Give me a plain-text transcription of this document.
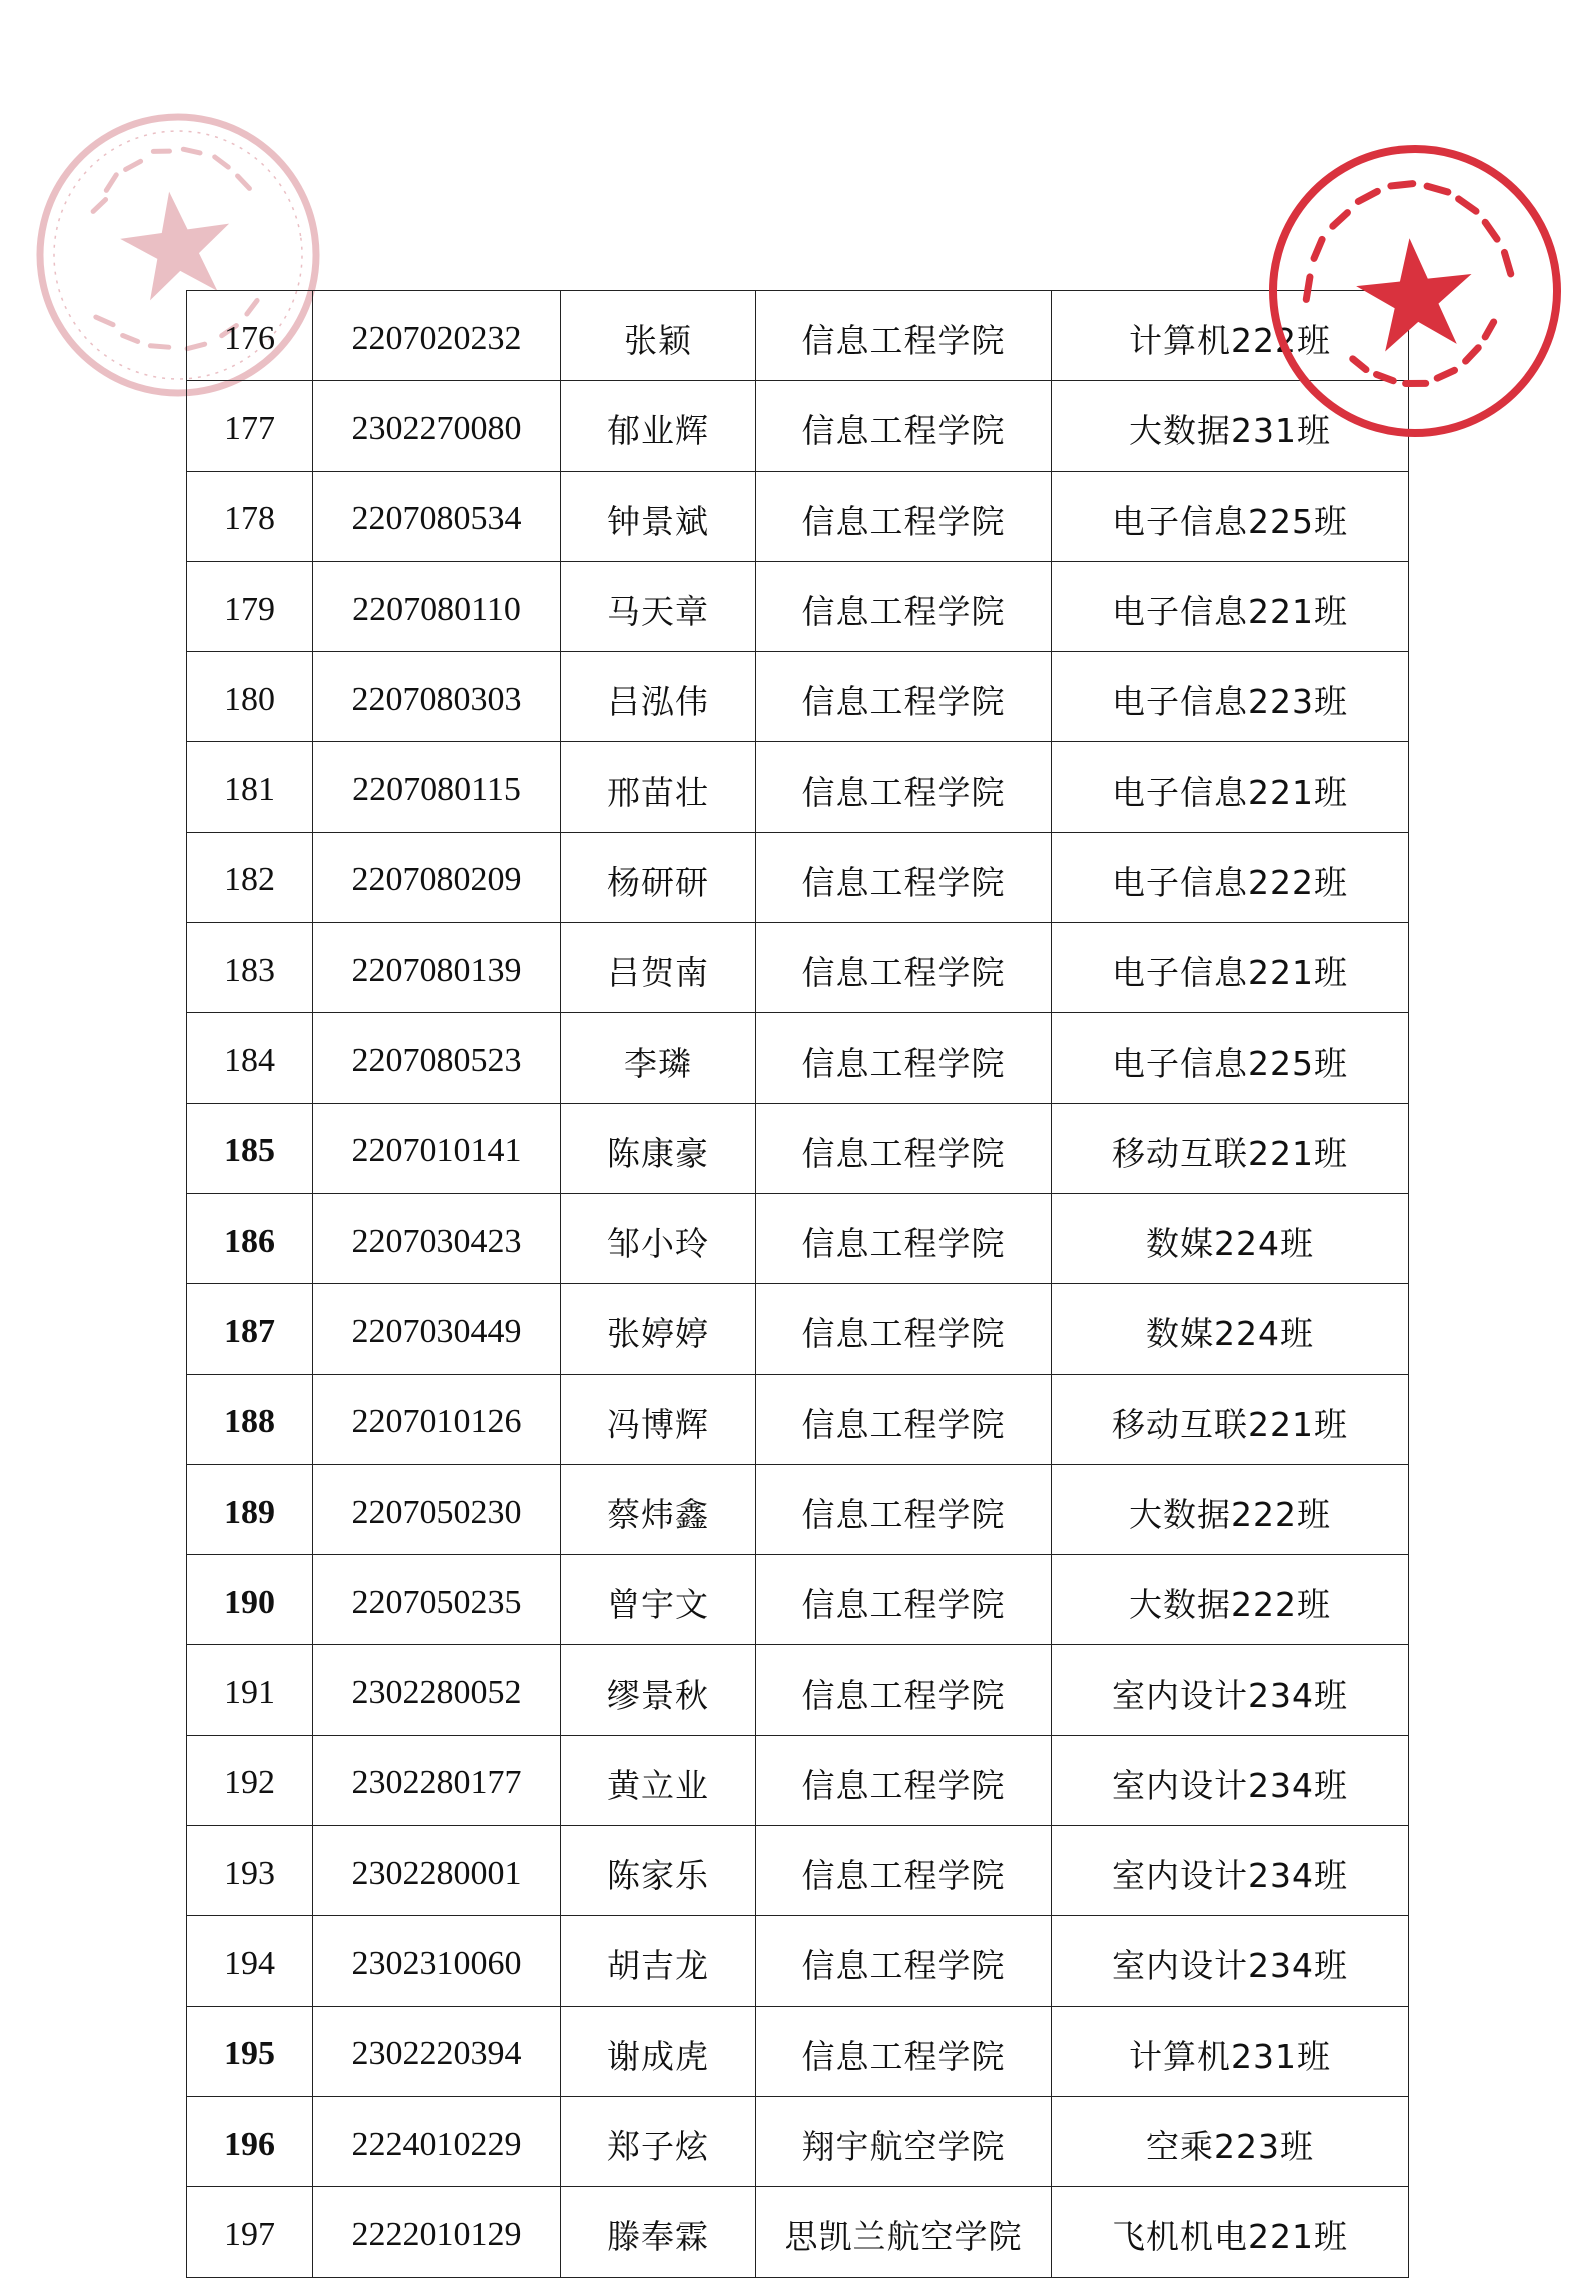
176	2207020232	张颖	信息工程学院	计算机222班
177	2302270080	郁业辉	信息工程学院	大数据231班
178	2207080534	钟景斌	信息工程学院	电子信息225班
179	2207080110	马天章	信息工程学院	电子信息221班
180	2207080303	吕泓伟	信息工程学院	电子信息223班
181	2207080115	邢苗壮	信息工程学院	电子信息221班
182	2207080209	杨研研	信息工程学院	电子信息222班
183	2207080139	吕贺南	信息工程学院	电子信息221班
184	2207080523	李璘	信息工程学院	电子信息225班
185	2207010141	陈康豪	信息工程学院	移动互联221班
186	2207030423	邹小玲	信息工程学院	数媒224班
187	2207030449	张婷婷	信息工程学院	数媒224班
188	2207010126	冯博辉	信息工程学院	移动互联221班
189	2207050230	蔡炜鑫	信息工程学院	大数据222班
190	2207050235	曾宇文	信息工程学院	大数据222班
191	2302280052	缪景秋	信息工程学院	室内设计234班
192	2302280177	黄立业	信息工程学院	室内设计234班
193	2302280001	陈家乐	信息工程学院	室内设计234班
194	2302310060	胡吉龙	信息工程学院	室内设计234班
195	2302220394	谢成虎	信息工程学院	计算机231班
196	2224010229	郑子炫	翔宇航空学院	空乘223班
197	2222010129	滕奉霖	思凯兰航空学院	飞机机电221班
